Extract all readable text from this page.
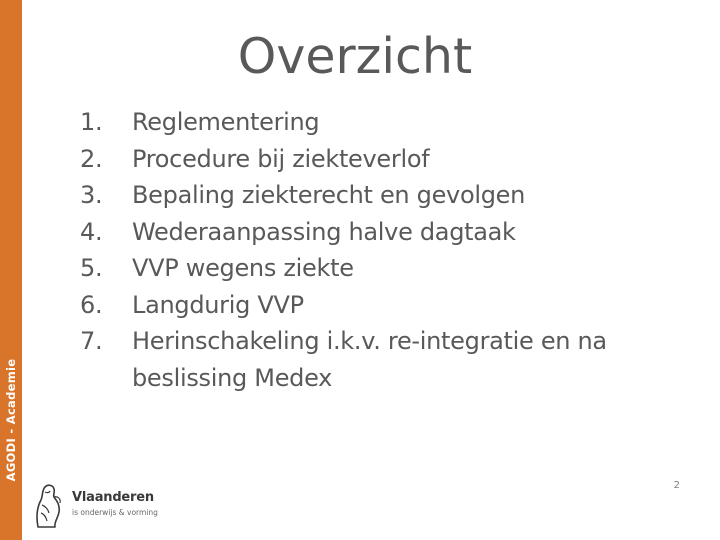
AGODI - Academie
Overzicht
1.	Reglementering
2.	Procedure bij ziekteverlof
3.	Bepaling ziekterecht en gevolgen
4.	Wederaanpassing halve dagtaak
5.	VVP wegens ziekte
6.	Langdurig VVP
7.	Herinschakeling i.k.v. re-integratie en na beslissing Medex
Vlaanderen
is onderwijs & vorming
2
